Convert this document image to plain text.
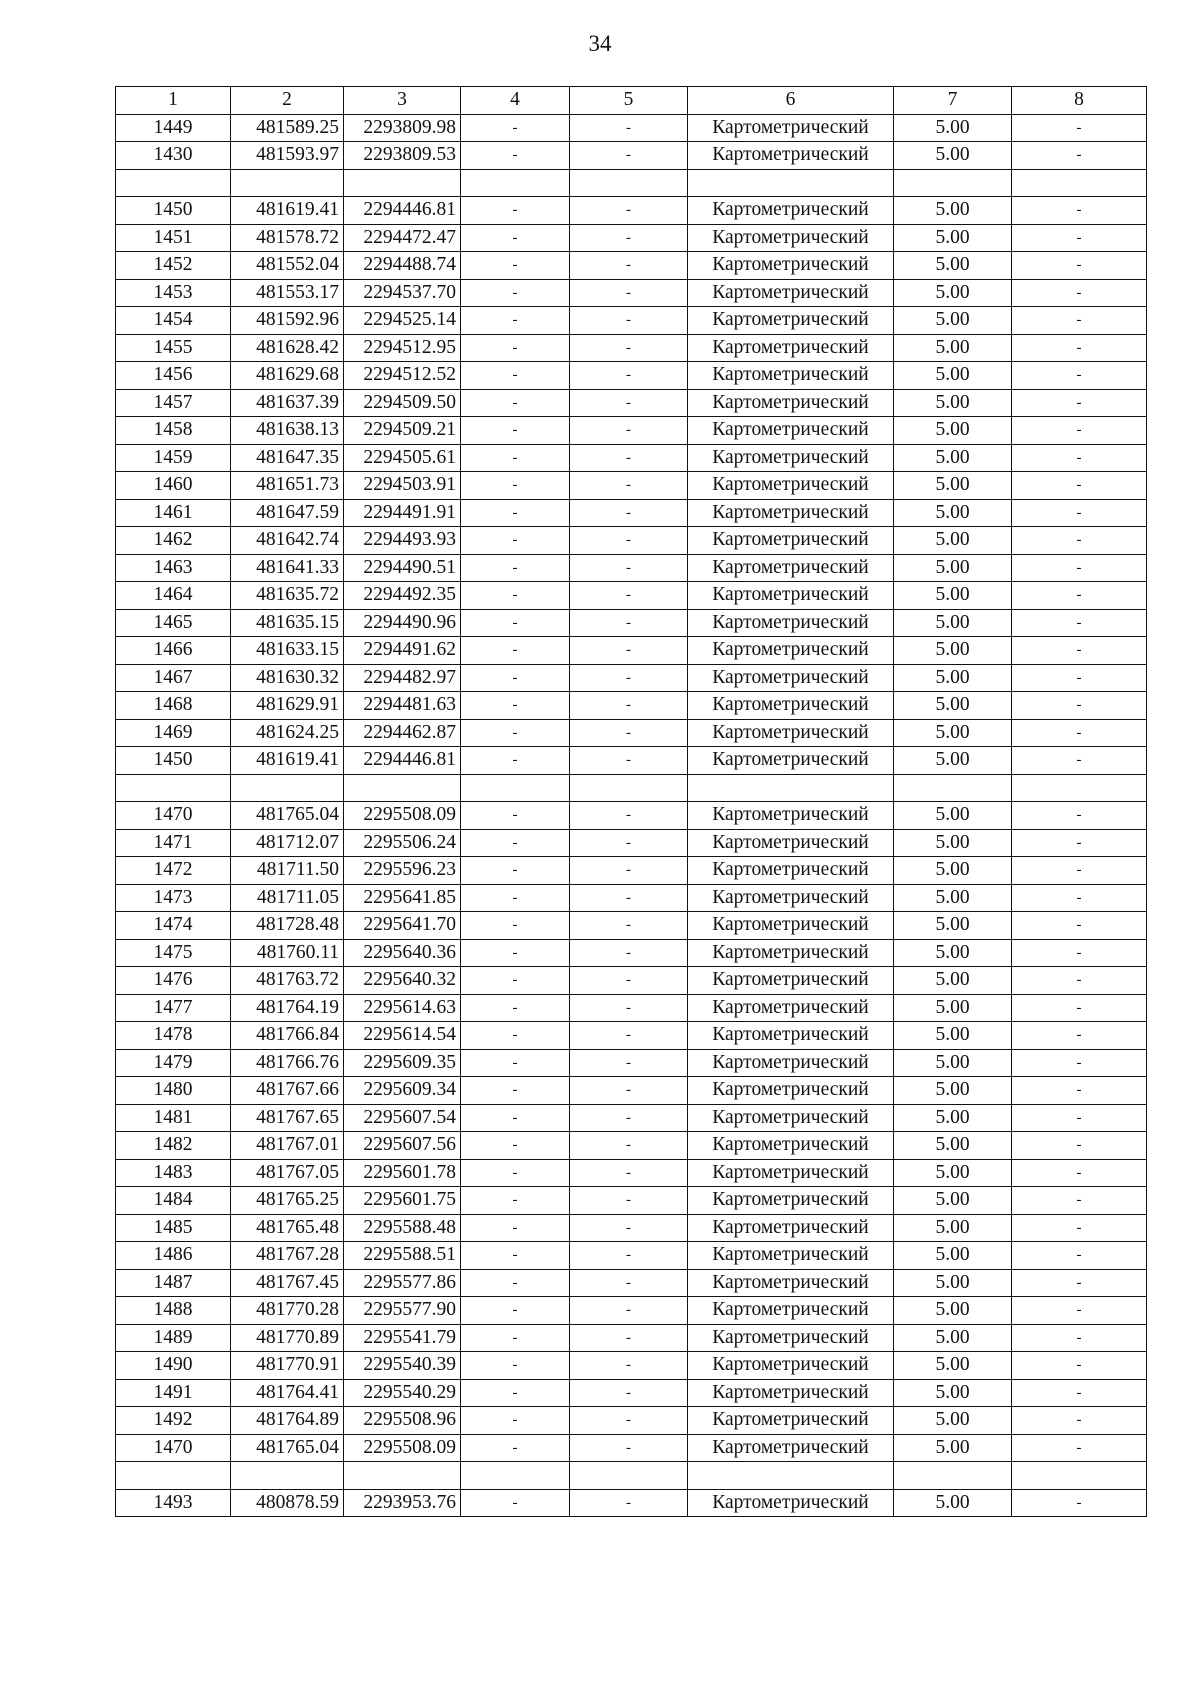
34
1	2	3	4	5	6	7	8
1449	481589.25	2293809.98	-	-	Картометрический	5.00	-
1430	481593.97	2293809.53	-	-	Картометрический	5.00	-

1450	481619.41	2294446.81	-	-	Картометрический	5.00	-
1451	481578.72	2294472.47	-	-	Картометрический	5.00	-
1452	481552.04	2294488.74	-	-	Картометрический	5.00	-
1453	481553.17	2294537.70	-	-	Картометрический	5.00	-
1454	481592.96	2294525.14	-	-	Картометрический	5.00	-
1455	481628.42	2294512.95	-	-	Картометрический	5.00	-
1456	481629.68	2294512.52	-	-	Картометрический	5.00	-
1457	481637.39	2294509.50	-	-	Картометрический	5.00	-
1458	481638.13	2294509.21	-	-	Картометрический	5.00	-
1459	481647.35	2294505.61	-	-	Картометрический	5.00	-
1460	481651.73	2294503.91	-	-	Картометрический	5.00	-
1461	481647.59	2294491.91	-	-	Картометрический	5.00	-
1462	481642.74	2294493.93	-	-	Картометрический	5.00	-
1463	481641.33	2294490.51	-	-	Картометрический	5.00	-
1464	481635.72	2294492.35	-	-	Картометрический	5.00	-
1465	481635.15	2294490.96	-	-	Картометрический	5.00	-
1466	481633.15	2294491.62	-	-	Картометрический	5.00	-
1467	481630.32	2294482.97	-	-	Картометрический	5.00	-
1468	481629.91	2294481.63	-	-	Картометрический	5.00	-
1469	481624.25	2294462.87	-	-	Картометрический	5.00	-
1450	481619.41	2294446.81	-	-	Картометрический	5.00	-

1470	481765.04	2295508.09	-	-	Картометрический	5.00	-
1471	481712.07	2295506.24	-	-	Картометрический	5.00	-
1472	481711.50	2295596.23	-	-	Картометрический	5.00	-
1473	481711.05	2295641.85	-	-	Картометрический	5.00	-
1474	481728.48	2295641.70	-	-	Картометрический	5.00	-
1475	481760.11	2295640.36	-	-	Картометрический	5.00	-
1476	481763.72	2295640.32	-	-	Картометрический	5.00	-
1477	481764.19	2295614.63	-	-	Картометрический	5.00	-
1478	481766.84	2295614.54	-	-	Картометрический	5.00	-
1479	481766.76	2295609.35	-	-	Картометрический	5.00	-
1480	481767.66	2295609.34	-	-	Картометрический	5.00	-
1481	481767.65	2295607.54	-	-	Картометрический	5.00	-
1482	481767.01	2295607.56	-	-	Картометрический	5.00	-
1483	481767.05	2295601.78	-	-	Картометрический	5.00	-
1484	481765.25	2295601.75	-	-	Картометрический	5.00	-
1485	481765.48	2295588.48	-	-	Картометрический	5.00	-
1486	481767.28	2295588.51	-	-	Картометрический	5.00	-
1487	481767.45	2295577.86	-	-	Картометрический	5.00	-
1488	481770.28	2295577.90	-	-	Картометрический	5.00	-
1489	481770.89	2295541.79	-	-	Картометрический	5.00	-
1490	481770.91	2295540.39	-	-	Картометрический	5.00	-
1491	481764.41	2295540.29	-	-	Картометрический	5.00	-
1492	481764.89	2295508.96	-	-	Картометрический	5.00	-
1470	481765.04	2295508.09	-	-	Картометрический	5.00	-

1493	480878.59	2293953.76	-	-	Картометрический	5.00	-
